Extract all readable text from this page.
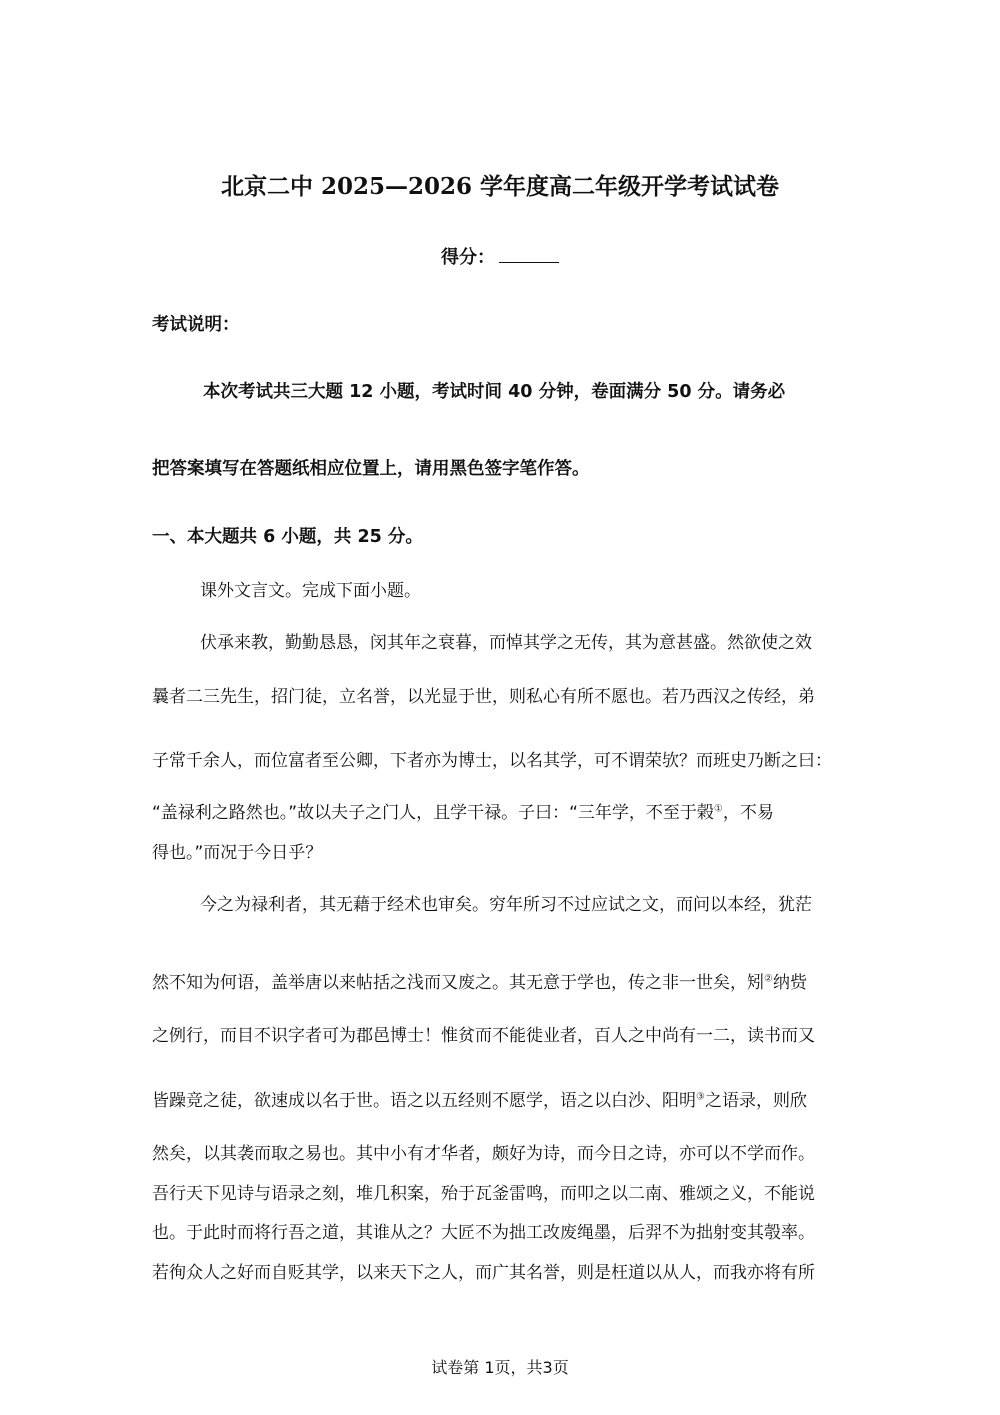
北京二中 2025—2026 学年度高二年级开学考试试卷
得分：
考试说明：
本次考试共三大题 12 小题，考试时间 40 分钟，卷面满分 50 分。请务必
把答案填写在答题纸相应位置上，请用黑色签字笔作答。
一、本大题共 6 小题，共 25 分。
课外文言文。完成下面小题。
伏承来教，勤勤恳恳，闵其年之衰暮，而悼其学之无传，其为意甚盛。然欲使之效
曩者二三先生，招门徒，立名誉，以光显于世，则私心有所不愿也。若乃西汉之传经，弟
子常千余人，而位富者至公卿，下者亦为博士，以名其学，可不谓荣欤？而班史乃断之曰：
“盖禄利之路然也。”故以夫子之门人，且学干禄。子曰：“三年学，不至于榖①，不易
得也。”而况于今日乎？
今之为禄利者，其无藉于经术也审矣。穷年所习不过应试之文，而问以本经，犹茫
然不知为何语，盖举唐以来帖括之浅而又废之。其无意于学也，传之非一世矣，矧②纳赀
之例行，而目不识字者可为郡邑博士！惟贫而不能徙业者，百人之中尚有一二，读书而又
皆躁竞之徒，欲速成以名于世。语之以五经则不愿学，语之以白沙、阳明③之语录，则欣
然矣，以其袭而取之易也。其中小有才华者，颇好为诗，而今日之诗，亦可以不学而作。
吾行天下见诗与语录之刻，堆几积案，殆于瓦釜雷鸣，而叩之以二南、雅颂之义，不能说
也。于此时而将行吾之道，其谁从之？大匠不为拙工改废绳墨，后羿不为拙射变其彀率。
若徇众人之好而自贬其学，以来天下之人，而广其名誉，则是枉道以从人，而我亦将有所
试卷第 1页，共3页
